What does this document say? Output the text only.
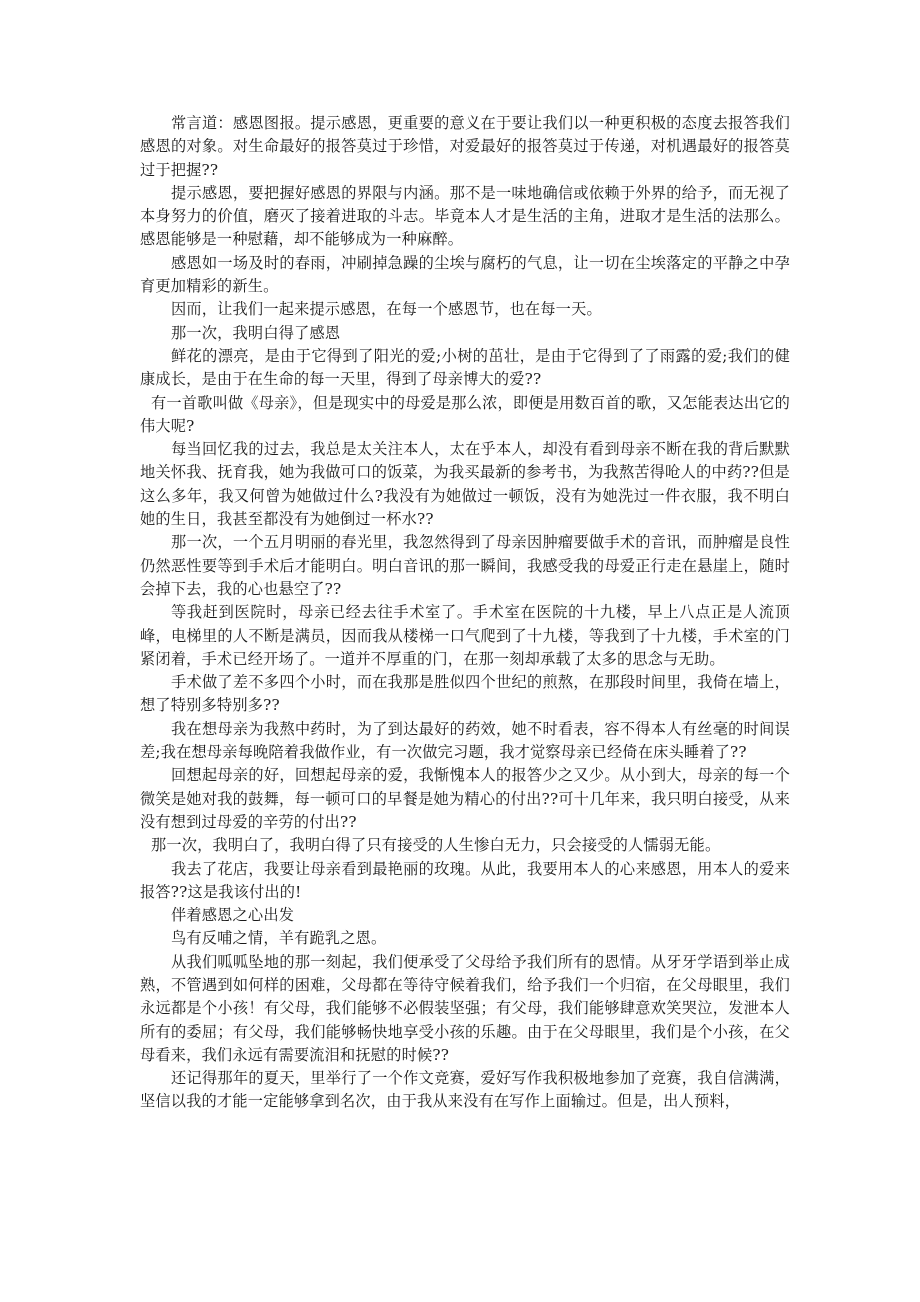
常言道：感恩图报。提示感恩，更重要的意义在于要让我们以一种更积极的态度去报答我们感恩的对象。对生命最好的报答莫过于珍惜，对爱最好的报答莫过于传递，对机遇最好的报答莫过于把握??

提示感恩，要把握好感恩的界限与内涵。那不是一味地确信或依赖于外界的给予，而无视了本身努力的价值，磨灭了接着进取的斗志。毕竟本人才是生活的主角，进取才是生活的法那么。感恩能够是一种慰藉，却不能够成为一种麻醉。

感恩如一场及时的春雨，冲刷掉急躁的尘埃与腐朽的气息，让一切在尘埃落定的平静之中孕育更加精彩的新生。

因而，让我们一起来提示感恩，在每一个感恩节，也在每一天。

那一次，我明白得了感恩

鲜花的漂亮，是由于它得到了阳光的爱;小树的茁壮，是由于它得到了了雨露的爱;我们的健康成长，是由于在生命的每一天里，得到了母亲博大的爱??

有一首歌叫做《母亲》，但是现实中的母爱是那么浓，即便是用数百首的歌，又怎能表达出它的伟大呢?

每当回忆我的过去，我总是太关注本人，太在乎本人，却没有看到母亲不断在我的背后默默地关怀我、抚育我，她为我做可口的饭菜，为我买最新的参考书，为我熬苦得呛人的中药??但是这么多年，我又何曾为她做过什么?我没有为她做过一顿饭，没有为她洗过一件衣服，我不明白她的生日，我甚至都没有为她倒过一杯水??

那一次，一个五月明丽的春光里，我忽然得到了母亲因肿瘤要做手术的音讯，而肿瘤是良性仍然恶性要等到手术后才能明白。明白音讯的那一瞬间，我感受我的母爱正行走在悬崖上，随时会掉下去，我的心也悬空了??

等我赶到医院时，母亲已经去往手术室了。手术室在医院的十九楼，早上八点正是人流顶峰，电梯里的人不断是满员，因而我从楼梯一口气爬到了十九楼，等我到了十九楼，手术室的门紧闭着，手术已经开场了。一道并不厚重的门，在那一刻却承载了太多的思念与无助。

手术做了差不多四个小时，而在我那是胜似四个世纪的煎熬，在那段时间里，我倚在墙上，想了特别多特别多??

我在想母亲为我熬中药时，为了到达最好的药效，她不时看表，容不得本人有丝毫的时间误差;我在想母亲每晚陪着我做作业，有一次做完习题，我才觉察母亲已经倚在床头睡着了??

回想起母亲的好，回想起母亲的爱，我惭愧本人的报答少之又少。从小到大，母亲的每一个微笑是她对我的鼓舞，每一顿可口的早餐是她为精心的付出??可十几年来，我只明白接受，从来没有想到过母爱的辛劳的付出??

那一次，我明白了，我明白得了只有接受的人生惨白无力，只会接受的人懦弱无能。

我去了花店，我要让母亲看到最艳丽的玫瑰。从此，我要用本人的心来感恩，用本人的爱来报答??这是我该付出的!

伴着感恩之心出发

鸟有反哺之情，羊有跪乳之恩。

从我们呱呱坠地的那一刻起，我们便承受了父母给予我们所有的恩情。从牙牙学语到举止成熟，不管遇到如何样的困难，父母都在等待守候着我们，给予我们一个归宿，在父母眼里，我们永远都是个小孩！有父母，我们能够不必假装坚强；有父母，我们能够肆意欢笑哭泣，发泄本人所有的委屈；有父母，我们能够畅快地享受小孩的乐趣。由于在父母眼里，我们是个小孩，在父母看来，我们永远有需要流泪和抚慰的时候??

还记得那年的夏天，里举行了一个作文竞赛，爱好写作我积极地参加了竞赛，我自信满满，坚信以我的才能一定能够拿到名次，由于我从来没有在写作上面输过。但是，出人预料，
